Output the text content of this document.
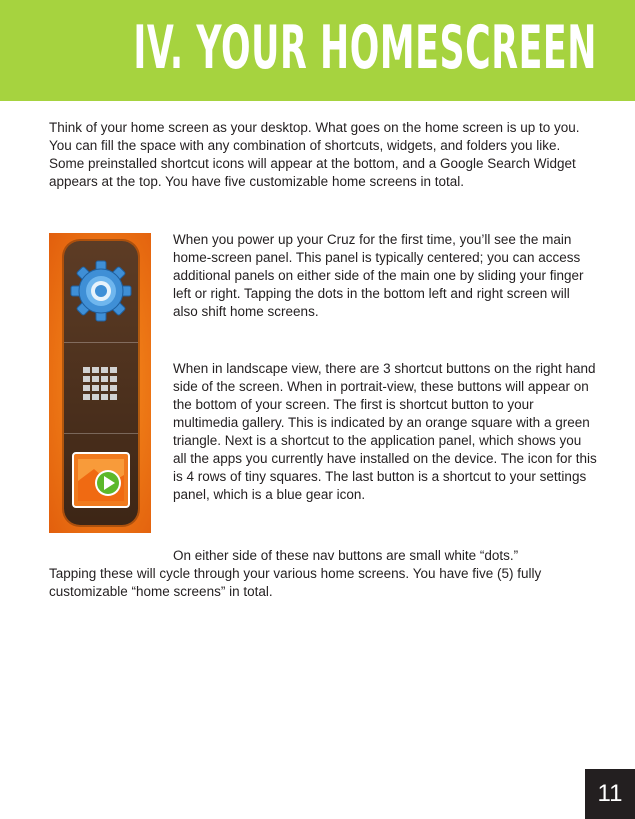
IV. YOUR HOMESCREEN

Think of your home screen as your desktop. What goes on the home screen is up to you. You can fill the space with any combination of shortcuts, widgets, and folders you like. Some preinstalled shortcut icons will appear at the bottom, and a Google Search Widget appears at the top. You have five customizable home screens in total.

When you power up your Cruz for the first time, you’ll see the main home-screen panel. This panel is typically centered; you can access additional panels on either side of the main one by sliding your finger left or right. Tapping the dots in the bottom left and right screen will also shift home screens.

When in landscape view, there are 3 shortcut buttons on the right hand side of the screen. When in portrait-view, these buttons will appear on the bottom of your screen. The first is shortcut button to your multimedia gallery. This is indicated by an orange square with a green triangle. Next is a shortcut to the application panel, which shows you all the apps you currently have installed on the device. The icon for this is 4 rows of tiny squares. The last button is a shortcut to your settings panel, which is a blue gear icon.

On either side of these nav buttons are small white “dots.”

Tapping these will cycle through your various home screens. You have five (5) fully customizable “home screens” in total.

11
